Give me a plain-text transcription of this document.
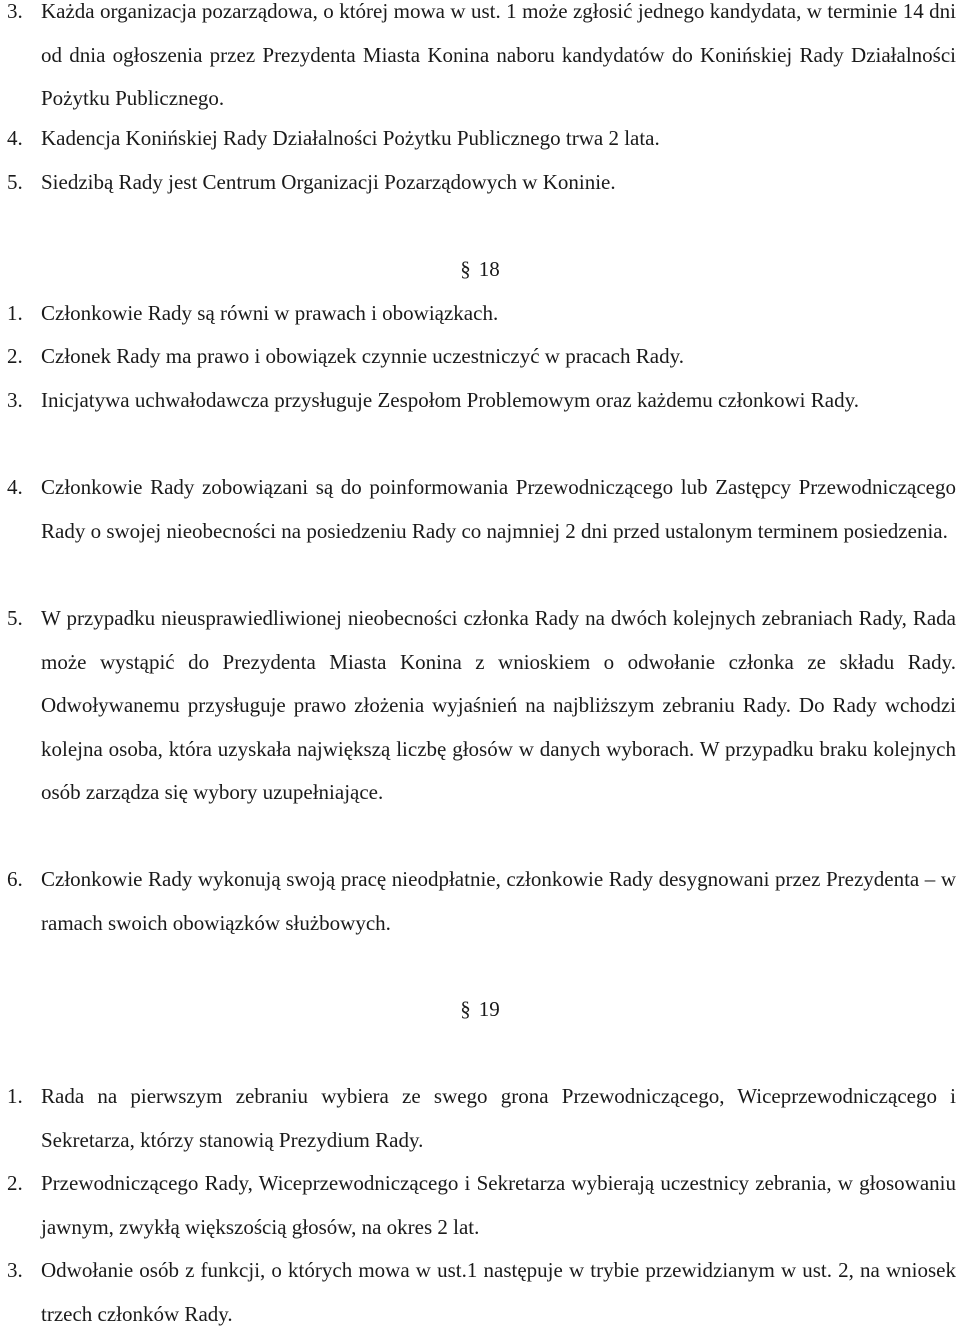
3. Każda organizacja pozarządowa, o której mowa w ust. 1 może zgłosić jednego kandydata, w terminie 14 dni od dnia ogłoszenia przez Prezydenta Miasta Konina naboru kandydatów do Konińskiej Rady Działalności Pożytku Publicznego.
4. Kadencja Konińskiej Rady Działalności Pożytku Publicznego trwa 2 lata.
5. Siedzibą Rady jest Centrum Organizacji Pozarządowych w Koninie.
§ 18
1. Członkowie Rady są równi w prawach i obowiązkach.
2. Członek Rady ma prawo i obowiązek czynnie uczestniczyć w pracach Rady.
3. Inicjatywa uchwałodawcza przysługuje Zespołom Problemowym oraz każdemu członkowi Rady.
4. Członkowie Rady zobowiązani są do poinformowania Przewodniczącego lub Zastępcy Przewodniczącego Rady o swojej nieobecności na posiedzeniu Rady co najmniej 2 dni przed ustalonym terminem posiedzenia.
5. W przypadku nieusprawiedliwionej nieobecności członka Rady na dwóch kolejnych zebraniach Rady, Rada może wystąpić do Prezydenta Miasta Konina z wnioskiem o odwołanie członka ze składu Rady. Odwoływanemu przysługuje prawo złożenia wyjaśnień na najbliższym zebraniu Rady. Do Rady wchodzi kolejna osoba, która uzyskała największą liczbę głosów w danych wyborach. W przypadku braku kolejnych osób zarządza się wybory uzupełniające.
6. Członkowie Rady wykonują swoją pracę nieodpłatnie, członkowie Rady desygnowani przez Prezydenta – w ramach swoich obowiązków służbowych.
§ 19
1. Rada na pierwszym zebraniu wybiera ze swego grona Przewodniczącego, Wiceprzewodniczącego i Sekretarza, którzy stanowią Prezydium Rady.
2. Przewodniczącego Rady, Wiceprzewodniczącego i Sekretarza wybierają uczestnicy zebrania, w głosowaniu jawnym, zwykłą większością głosów, na okres 2 lat.
3. Odwołanie osób z funkcji, o których mowa w ust.1 następuje w trybie przewidzianym w ust. 2, na wniosek trzech członków Rady.
